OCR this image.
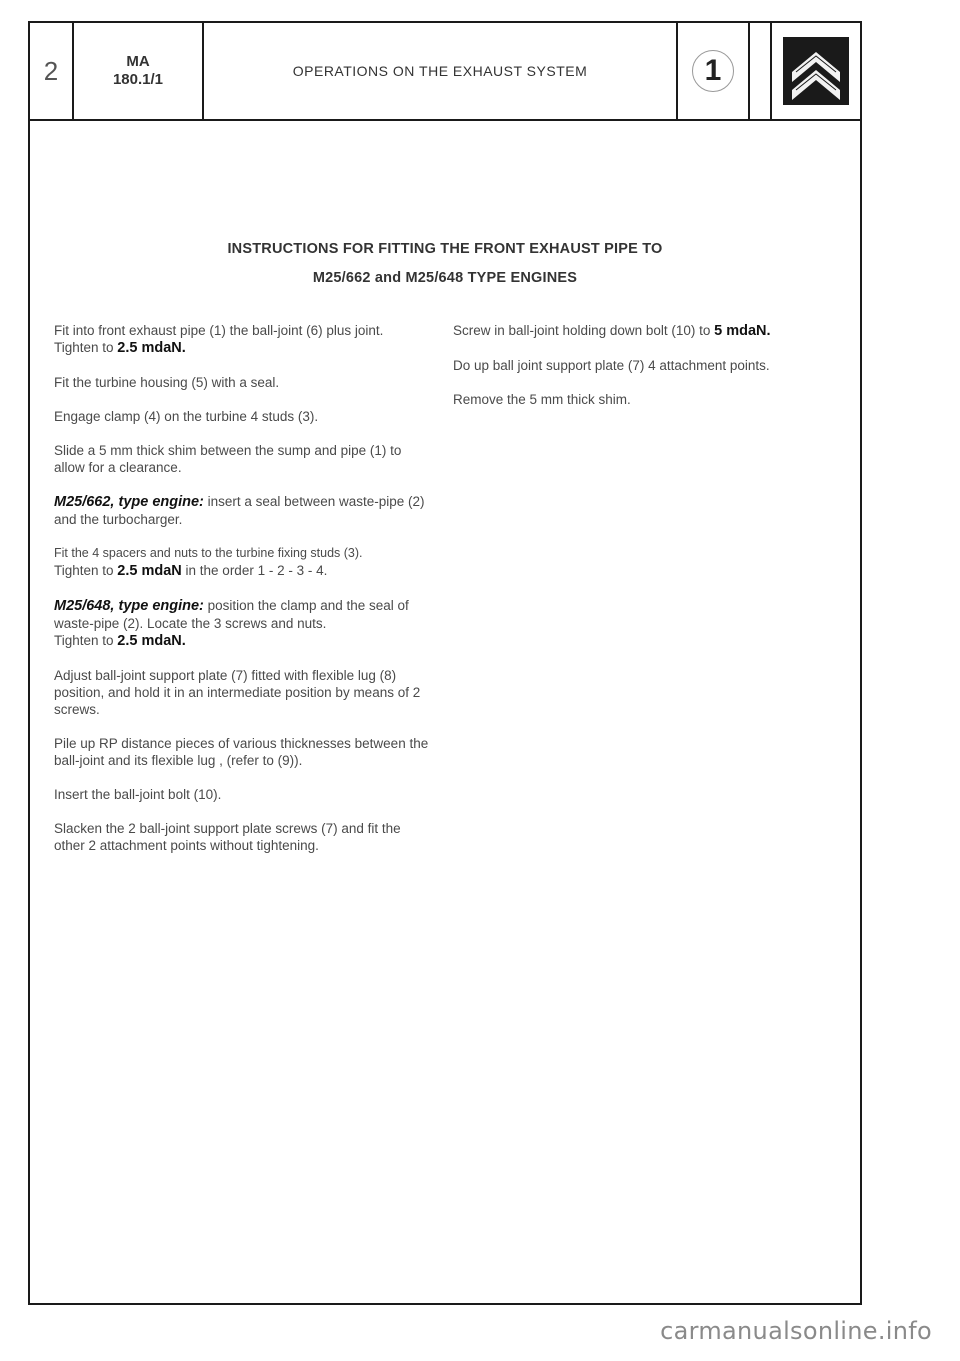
2	MA
180.1/1	OPERATIONS ON THE EXHAUST SYSTEM	1
INSTRUCTIONS FOR FITTING THE FRONT EXHAUST PIPE TO
M25/662 and M25/648 TYPE ENGINES

Fit into front exhaust pipe (1) the ball-joint (6) plus joint.

Tighten to 2.5 mdaN.

Fit the turbine housing (5) with a seal.

Engage clamp (4) on the turbine 4 studs (3).

Slide a 5 mm thick shim between the sump and pipe (1) to allow for a clearance.

M25/662, type engine: insert a seal between waste-pipe (2) and the turbocharger.

Fit the 4 spacers and nuts to the turbine fixing studs (3).

Tighten to 2.5 mdaN in the order 1 - 2 - 3 - 4.

M25/648, type engine: position the clamp and the seal of waste-pipe (2). Locate the 3 screws and nuts.

Tighten to 2.5 mdaN.

Adjust ball-joint support plate (7) fitted with flexible lug (8) position, and hold it in an intermediate position by means of 2 screws.

Pile up RP distance pieces of various thicknesses between the ball-joint and its flexible lug , (refer to (9)).

Insert the ball-joint bolt (10).

Slacken the 2 ball-joint support plate screws (7) and fit the other 2 attachment points without tightening.

Screw in ball-joint holding down bolt (10) to 5 mdaN.

Do up ball joint support plate (7) 4 attachment points.

Remove the 5 mm thick shim.

carmanualsonline.info
